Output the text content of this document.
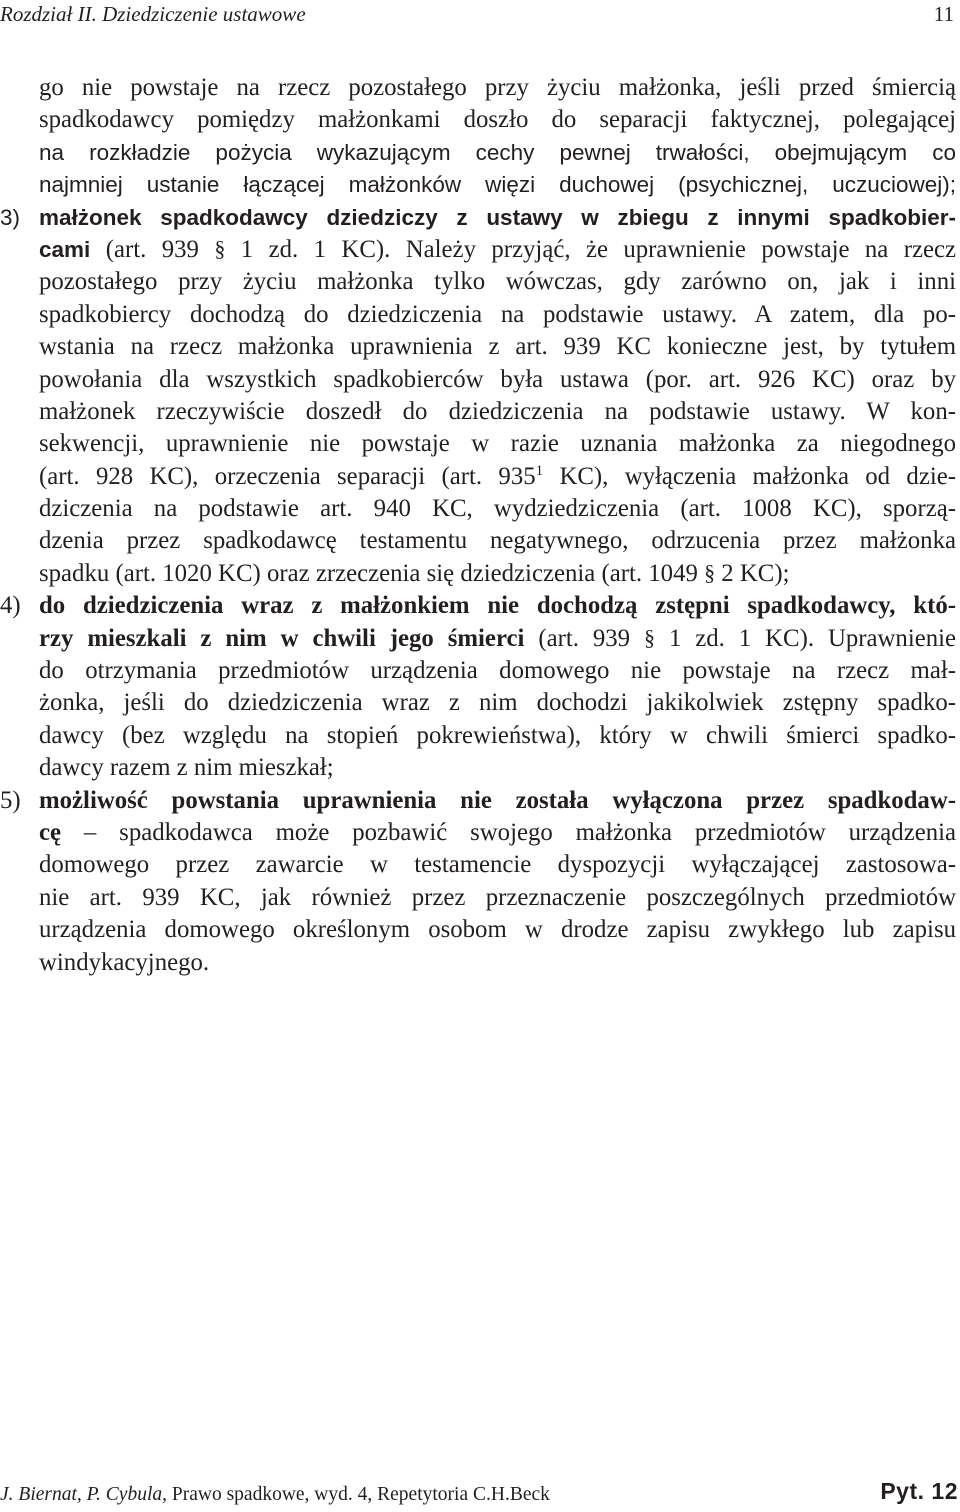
Rozdział II. Dziedziczenie ustawowe	11
go nie powstaje na rzecz pozostałego przy życiu małżonka, jeśli przed śmiercią
spadkodawcy pomiędzy małżonkami doszło do separacji faktycznej, polegającej
na rozkładzie pożycia wykazującym cechy pewnej trwałości, obejmującym co
najmniej ustanie łączącej małżonków więzi duchowej (psychicznej, uczuciowej);
3) małżonek spadkodawcy dziedziczy z ustawy w zbiegu z innymi spadkobier-
cami (art. 939 § 1 zd. 1 KC). Należy przyjąć, że uprawnienie powstaje na rzecz
pozostałego przy życiu małżonka tylko wówczas, gdy zarówno on, jak i inni
spadkobiercy dochodzą do dziedziczenia na podstawie ustawy. A zatem, dla po-
wstania na rzecz małżonka uprawnienia z art. 939 KC konieczne jest, by tytułem
powołania dla wszystkich spadkobierców była ustawa (por. art. 926 KC) oraz by
małżonek rzeczywiście doszedł do dziedziczenia na podstawie ustawy. W kon-
sekwencji, uprawnienie nie powstaje w razie uznania małżonka za niegodnego
(art. 928 KC), orzeczenia separacji (art. $935^1$ KC), wyłączenia małżonka od dzie-
dziczenia na podstawie art. 940 KC, wydziedziczenia (art. 1008 KC), sporzą-
dzenia przez spadkodawcę testamentu negatywnego, odrzucenia przez małżonka
spadku (art. 1020 KC) oraz zrzeczenia się dziedziczenia (art. 1049 § 2 KC);
4) do dziedziczenia wraz z małżonkiem nie dochodzą zstępni spadkodawcy, któ-
rzy mieszkali z nim w chwili jego śmierci (art. 939 § 1 zd. 1 KC). Uprawnienie
do otrzymania przedmiotów urządzenia domowego nie powstaje na rzecz mał-
żonka, jeśli do dziedziczenia wraz z nim dochodzi jakikolwiek zstępny spadko-
dawcy (bez względu na stopień pokrewieństwa), który w chwili śmierci spadko-
dawcy razem z nim mieszkał;
5) możliwość powstania uprawnienia nie została wyłączona przez spadkodaw-
cę – spadkodawca może pozbawić swojego małżonka przedmiotów urządzenia
domowego przez zawarcie w testamencie dyspozycji wyłączającej zastosowa-
nie art. 939 KC, jak również przez przeznaczenie poszczególnych przedmiotów
urządzenia domowego określonym osobom w drodze zapisu zwykłego lub zapisu
windykacyjnego.
J. Biernat, P. Cybula, Prawo spadkowe, wyd. 4, Repetytoria C.H.Beck	Pyt. 12
